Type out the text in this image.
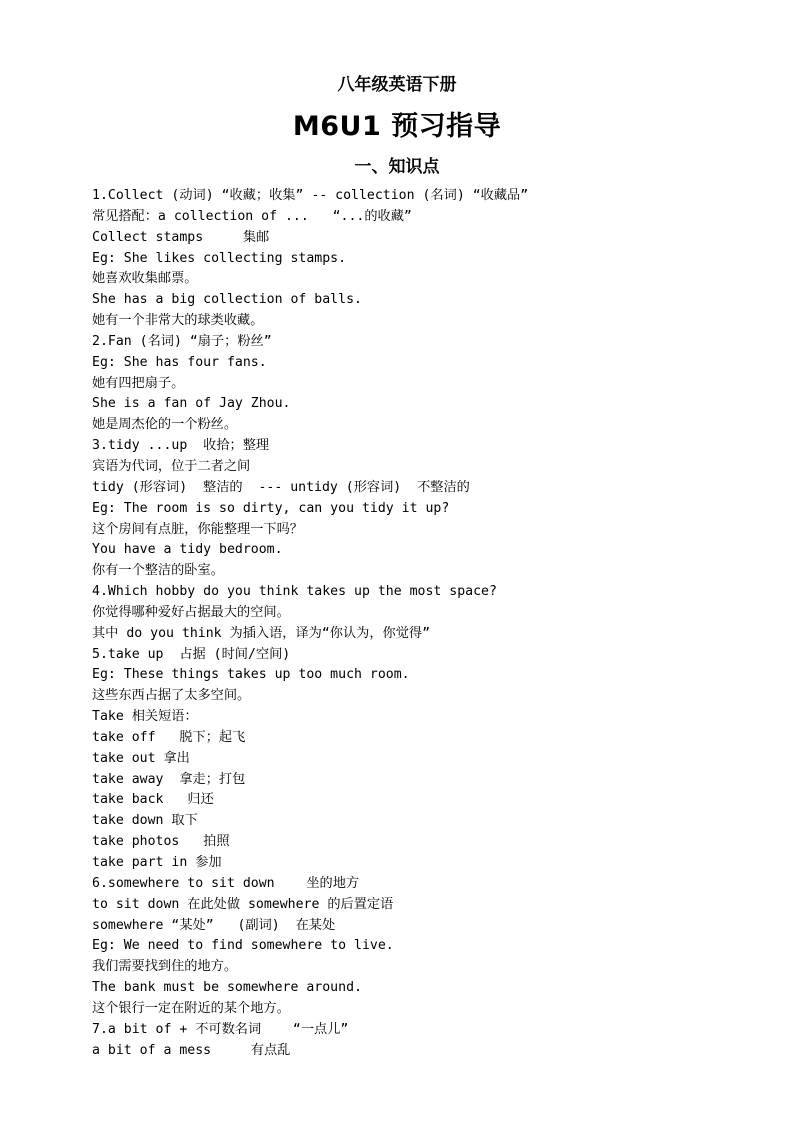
八年级英语下册
M6U1 预习指导
一、知识点
1.Collect (动词) “收藏；收集” -- collection (名词) “收藏品”
常见搭配：a collection of ...   “...的收藏”
Collect stamps     集邮
Eg: She likes collecting stamps.
她喜欢收集邮票。
She has a big collection of balls.
她有一个非常大的球类收藏。
2.Fan (名词) “扇子；粉丝”
Eg: She has four fans.
她有四把扇子。
She is a fan of Jay Zhou.
她是周杰伦的一个粉丝。
3.tidy ...up  收拾；整理
宾语为代词，位于二者之间
tidy (形容词)  整洁的  --- untidy (形容词)  不整洁的
Eg: The room is so dirty, can you tidy it up?
这个房间有点脏，你能整理一下吗？
You have a tidy bedroom.
你有一个整洁的卧室。
4.Which hobby do you think takes up the most space?
你觉得哪种爱好占据最大的空间。
其中 do you think 为插入语，译为“你认为，你觉得”
5.take up  占据 (时间/空间)
Eg: These things takes up too much room.
这些东西占据了太多空间。
Take 相关短语：
take off   脱下；起飞
take out 拿出
take away  拿走；打包
take back   归还
take down 取下
take photos   拍照
take part in 参加
6.somewhere to sit down    坐的地方
to sit down 在此处做 somewhere 的后置定语
somewhere “某处”   (副词)  在某处
Eg: We need to find somewhere to live.
我们需要找到住的地方。
The bank must be somewhere around.
这个银行一定在附近的某个地方。
7.a bit of + 不可数名词    “一点儿”
a bit of a mess     有点乱
